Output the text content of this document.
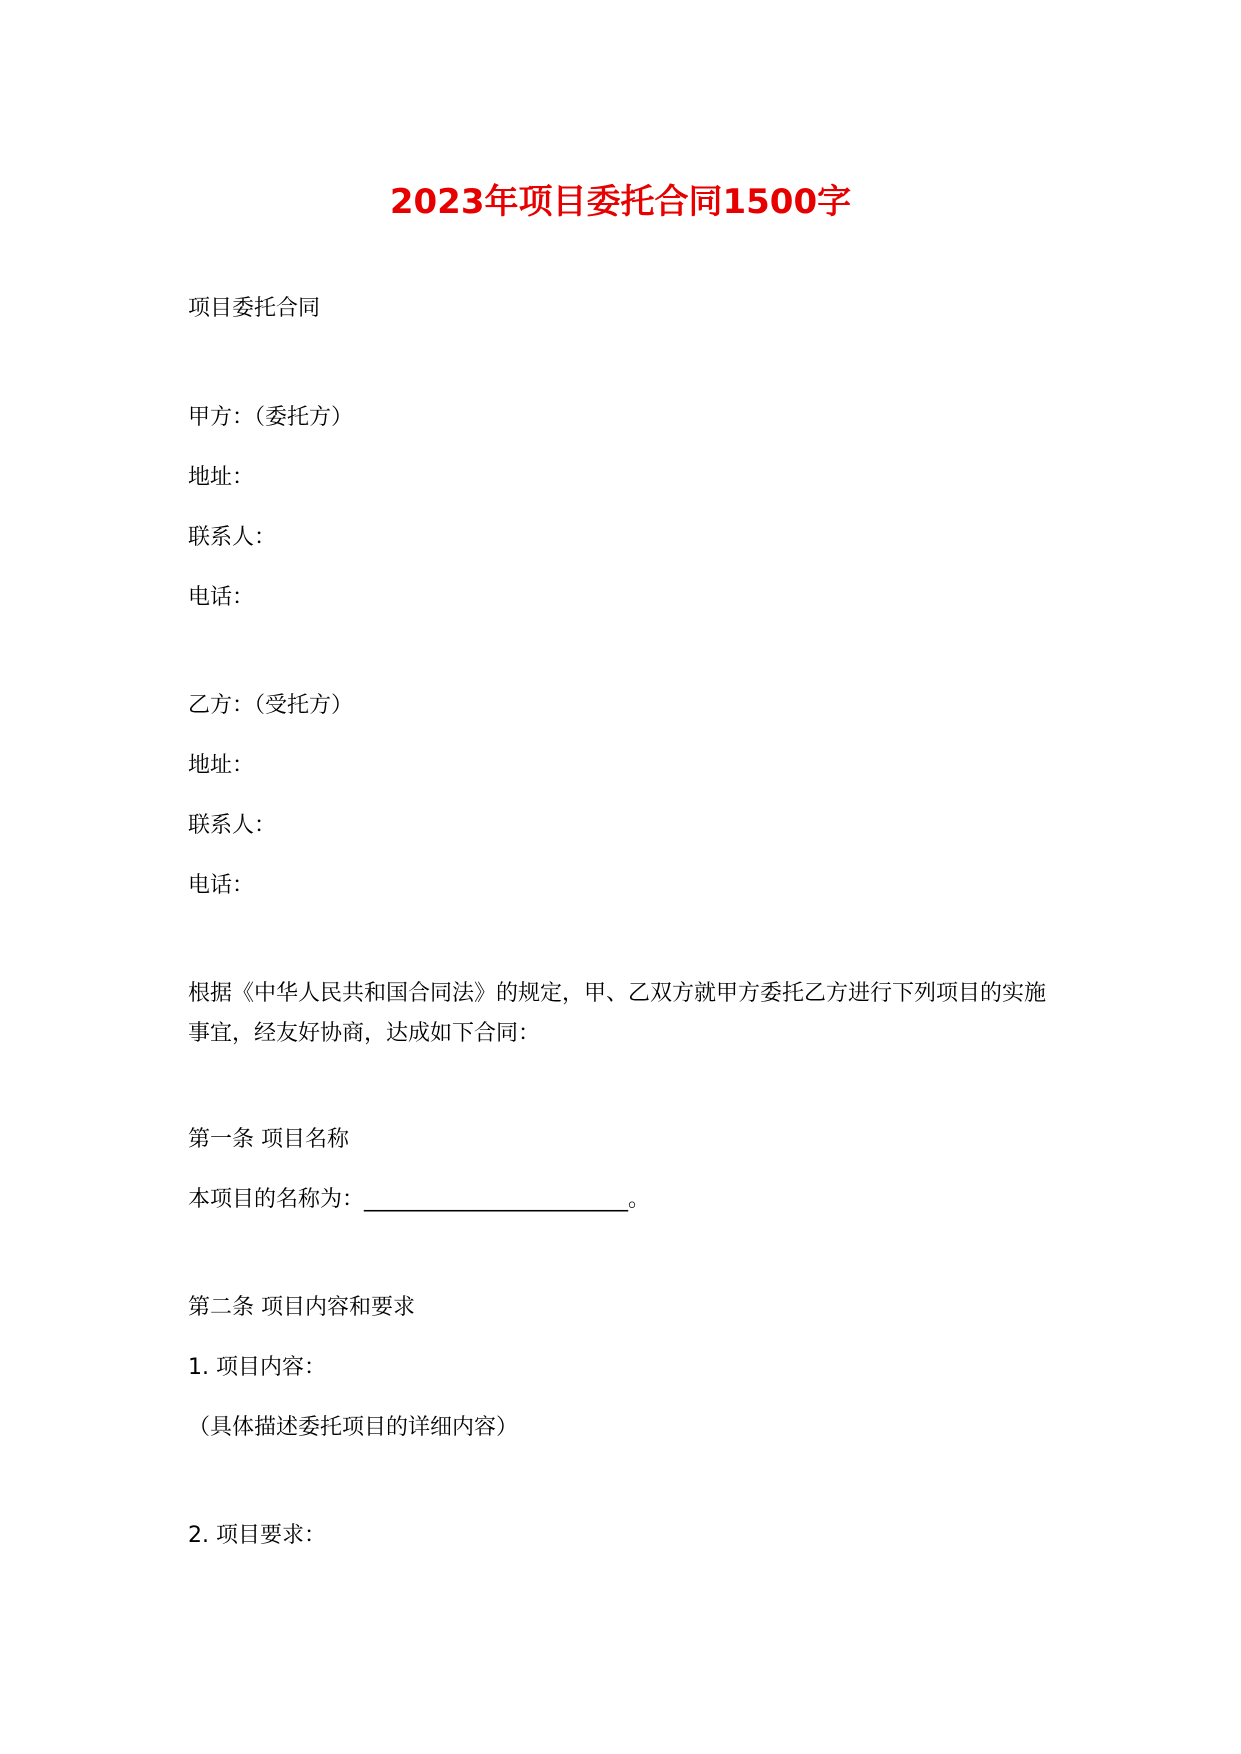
2023年项目委托合同1500字

项目委托合同

甲方：（委托方）

地址：

联系人：

电话：

乙方：（受托方）

地址：

联系人：

电话：

根据《中华人民共和国合同法》的规定，甲、乙双方就甲方委托乙方进行下列项目的实施事宜，经友好协商，达成如下合同：

第一条 项目名称

本项目的名称为：________________________。

第二条 项目内容和要求

1. 项目内容：

（具体描述委托项目的详细内容）

2. 项目要求：
